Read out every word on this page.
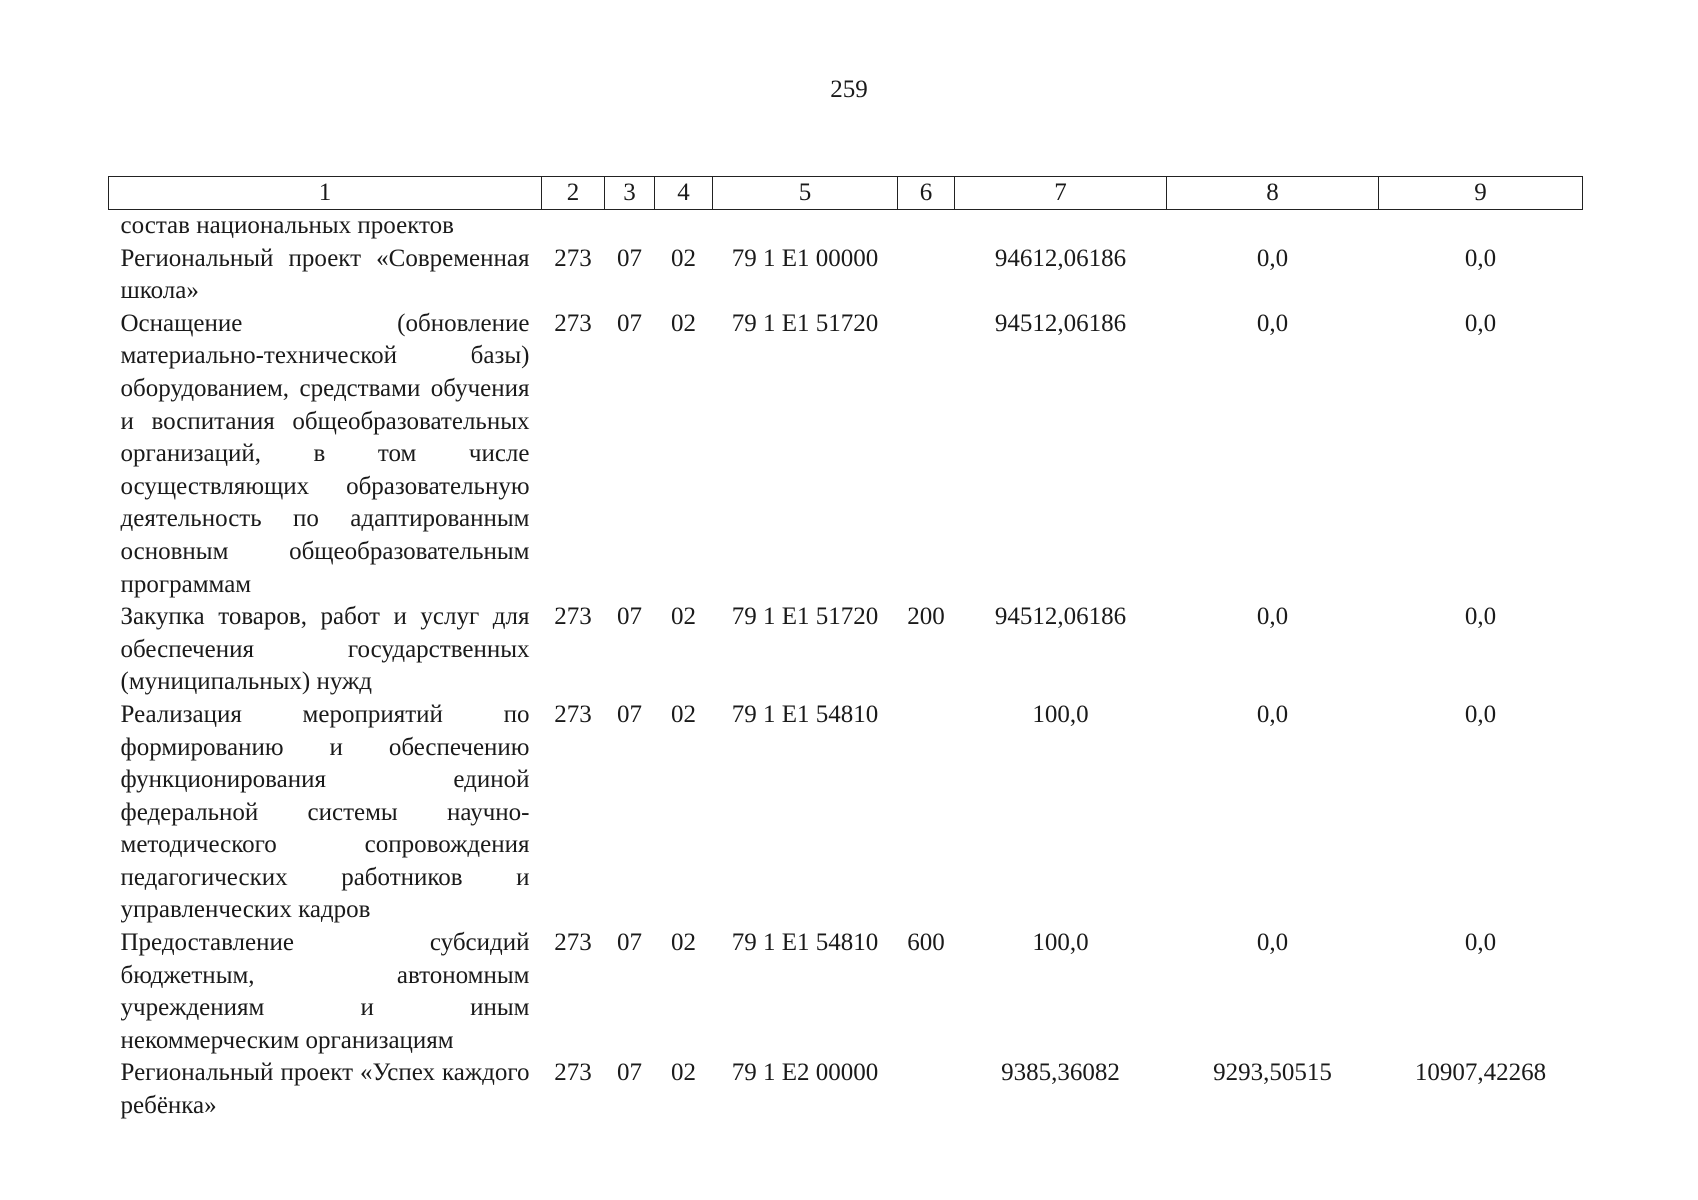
259
1	2	3	4	5	6	7	8	9
состав национальных проектов								
Региональный проект «Современная школа»	273	07	02	79 1 E1 00000		94612,06186	0,0	0,0
Оснащение (обновление материально-технической базы) оборудованием, средствами обучения и воспитания общеобразовательных организаций, в том числе осуществляющих образовательную деятельность по адаптированным основным общеобразовательным программам	273	07	02	79 1 E1 51720		94512,06186	0,0	0,0
Закупка товаров, работ и услуг для обеспечения государственных (муниципальных) нужд	273	07	02	79 1 E1 51720	200	94512,06186	0,0	0,0
Реализация мероприятий по формированию и обеспечению функционирования единой федеральной системы научно-методического сопровождения педагогических работников и управленческих кадров	273	07	02	79 1 E1 54810		100,0	0,0	0,0
Предоставление субсидий бюджетным, автономным учреждениям и иным некоммерческим организациям	273	07	02	79 1 E1 54810	600	100,0	0,0	0,0
Региональный проект «Успех каждого ребёнка»	273	07	02	79 1 E2 00000		9385,36082	9293,50515	10907,42268
